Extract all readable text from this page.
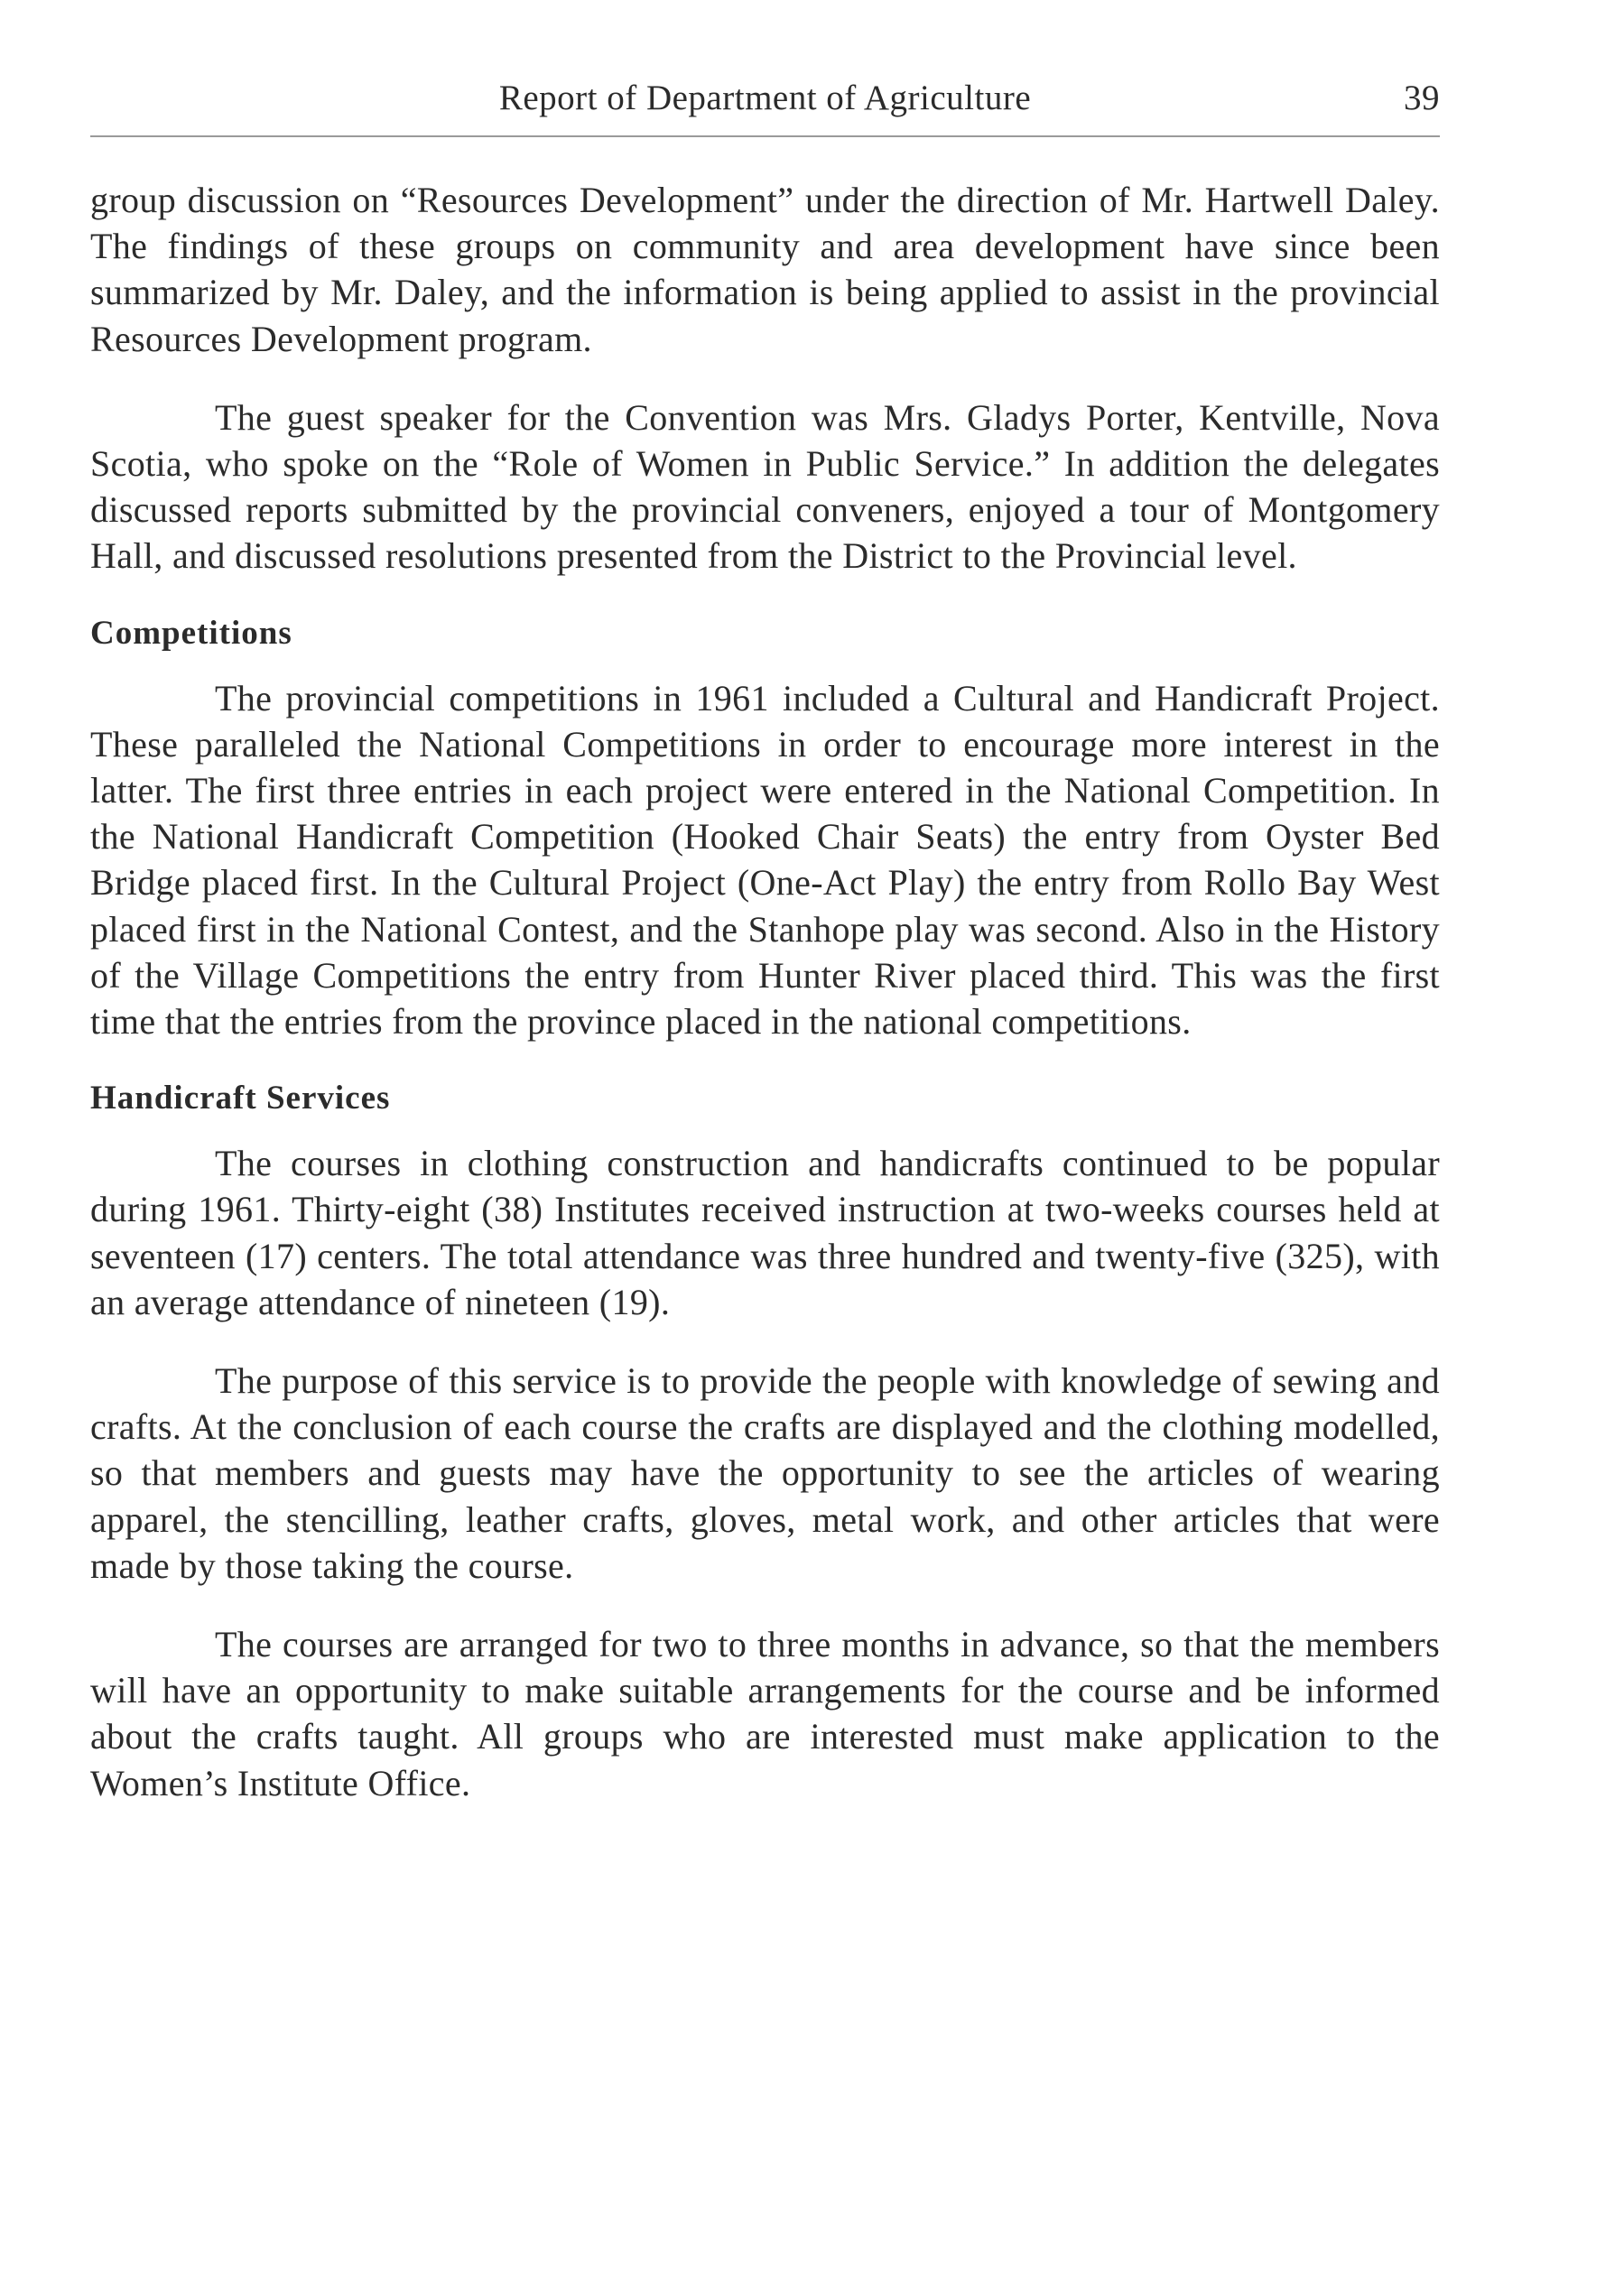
Report of Department of Agriculture	39

group discussion on “Resources Development” under the direction of Mr. Hartwell Daley. The findings of these groups on community and area development have since been summarized by Mr. Daley, and the information is being applied to assist in the provincial Resources Development program.

The guest speaker for the Convention was Mrs. Gladys Porter, Kentville, Nova Scotia, who spoke on the “Role of Women in Public Service.” In addition the delegates discussed reports submitted by the provincial conveners, enjoyed a tour of Montgomery Hall, and discussed resolutions presented from the District to the Provincial level.

Competitions

The provincial competitions in 1961 included a Cultural and Handicraft Project. These paralleled the National Competitions in order to encourage more interest in the latter. The first three entries in each project were entered in the National Competition. In the National Handicraft Competition (Hooked Chair Seats) the entry from Oyster Bed Bridge placed first. In the Cultural Project (One-Act Play) the entry from Rollo Bay West placed first in the National Contest, and the Stanhope play was second. Also in the History of the Village Competitions the entry from Hunter River placed third. This was the first time that the entries from the province placed in the national competitions.

Handicraft Services

The courses in clothing construction and handicrafts continued to be popular during 1961. Thirty-eight (38) Institutes received instruction at two-weeks courses held at seventeen (17) centers. The total attendance was three hundred and twenty-five (325), with an average attendance of nineteen (19).

The purpose of this service is to provide the people with knowledge of sewing and crafts. At the conclusion of each course the crafts are displayed and the clothing modelled, so that members and guests may have the opportunity to see the articles of wearing apparel, the stencilling, leather crafts, gloves, metal work, and other articles that were made by those taking the course.

The courses are arranged for two to three months in advance, so that the members will have an opportunity to make suitable arrangements for the course and be informed about the crafts taught. All groups who are interested must make application to the Women’s Institute Office.
